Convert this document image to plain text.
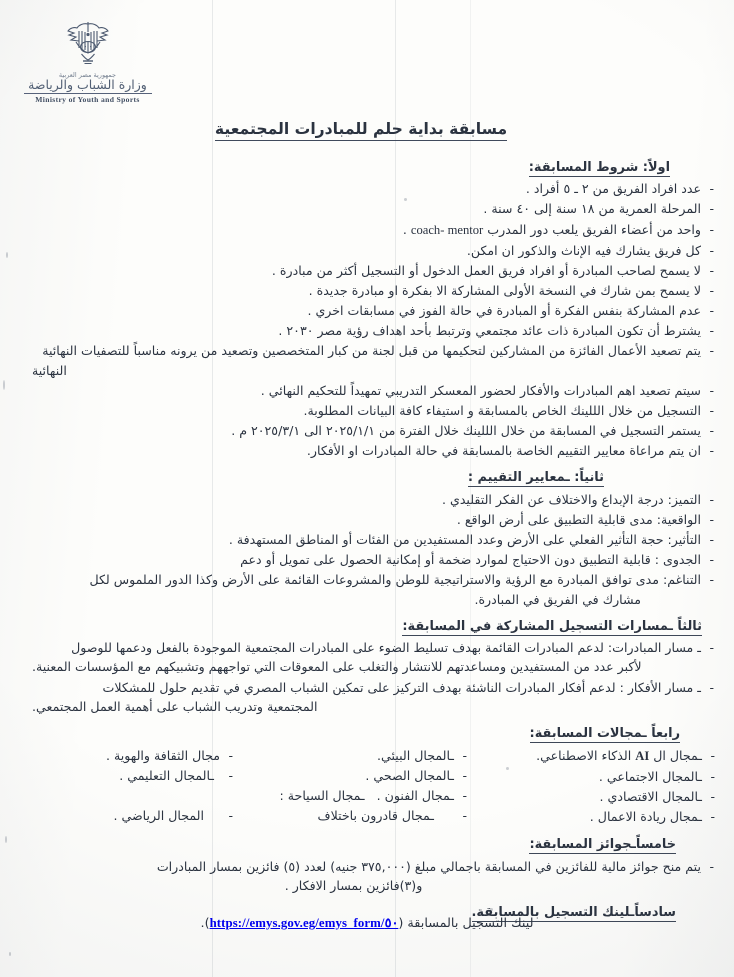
جمهورية مصر العربية
وزارة الشباب والرياضة
Ministry of Youth and Sports
مسابقة بداية حلم للمبادرات المجتمعية
اولاً: شروط المسابقة:
- عدد افراد الفريق من ٢ ـ ٥ أفراد .
- المرحلة العمرية من ١٨ سنة إلى ٤٠ سنة .
- واحد من أعضاء الفريق يلعب دور المدرب coach- mentor .
- كل فريق يشارك فيه الإناث والذكور ان امكن.
- لا يسمح لصاحب المبادرة أو افراد فريق العمل الدخول أو التسجيل أكثر من مبادرة .
- لا يسمح بمن شارك في النسخة الأولى المشاركة الا بفكرة او مبادرة جديدة .
- عدم المشاركة بنفس الفكرة أو المبادرة في حالة الفوز في مسابقات اخري .
- يشترط أن تكون المبادرة ذات عائد مجتمعي وترتبط بأحد اهداف رؤية مصر ٢٠٣٠ .
- يتم تصعيد الأعمال الفائزة من المشاركين لتحكيمها من قبل لجنة من كبار المتخصصين وتصعيد من يرونه مناسباً للتصفيات النهائية
النهائية
- سيتم تصعيد اهم المبادرات والأفكار لحضور المعسكر التدريبي تمهيداً للتحكيم النهائي .
- التسجيل من خلال الللينك الخاص بالمسابقة و استيفاء كافة البيانات المطلوبة.
- يستمر التسجيل في المسابقة من خلال الللينك خلال الفترة من ٢٠٢٥/١/١ الى ٢٠٢٥/٣/١ م .
- ان يتم مراعاة معايير التقييم الخاصة بالمسابقة في حالة المبادرات او الأفكار.
ثانياً: ـمعايير التقييم :
- التميز: درجة الإبداع والاختلاف عن الفكر التقليدي .
- الواقعية: مدى قابلية التطبيق على أرض الواقع .
- التأثير: حجة التأثير الفعلي على الأرض وعدد المستفيدين من الفئات أو المناطق المستهدفة .
- الجدوى : قابلية التطبيق دون الاحتياج لموارد ضخمة أو إمكانية الحصول على تمويل أو دعم
- التناغم: مدى توافق المبادرة مع الرؤية والاستراتيجية للوطن والمشروعات القائمة على الأرض وكذا الدور الملموس لكل
مشارك في الفريق في المبادرة.
ثالثاً ـمسارات التسجيل المشاركة في المسابقة:
- ـ مسار المبادرات: لدعم المبادرات القائمة بهدف تسليط الضوء على المبادرات المجتمعية الموجودة بالفعل ودعمها للوصول
لأكبر عدد من المستفيدين ومساعدتهم للانتشار والتغلب على المعوقات التي تواجههم وتشبيكهم مع المؤسسات المعنية.
- ـ مسار الأفكار : لدعم أفكار المبادرات الناشئة بهدف التركيز على تمكين الشباب المصري في تقديم حلول للمشكلات
المجتمعية وتدريب الشباب على أهمية العمل المجتمعي.
رابعاً ـمجالات المسابقة:
- ـمجال ال AI الذكاء الاصطناعي.
- ـالمجال الاجتماعي .
- ـالمجال الاقتصادي .
- ـمجال ريادة الاعمال .
- ـالمجال البيئي.
- ـالمجال الصحي .
- ـمجال الفنون .   ـمجال السياحة :
- ـمجال قادرون باختلاف
- مجال الثقافة والهوية .
- ـالمجال التعليمي .
- المجال الرياضي .
خامساًـجوائز المسابقة:
- يتم منح جوائز مالية للفائزين في المسابقة باجمالي مبلغ (٣٧٥,٠٠٠ جنيه) لعدد (٥) فائزين بمسار المبادرات
و(٣)فائزين بمسار الافكار .
سادساًـلينك التسجيل بالمسابقة.
لينك التسجيل بالمسابقة (https://emys.gov.eg/emys_form/٥٠).
